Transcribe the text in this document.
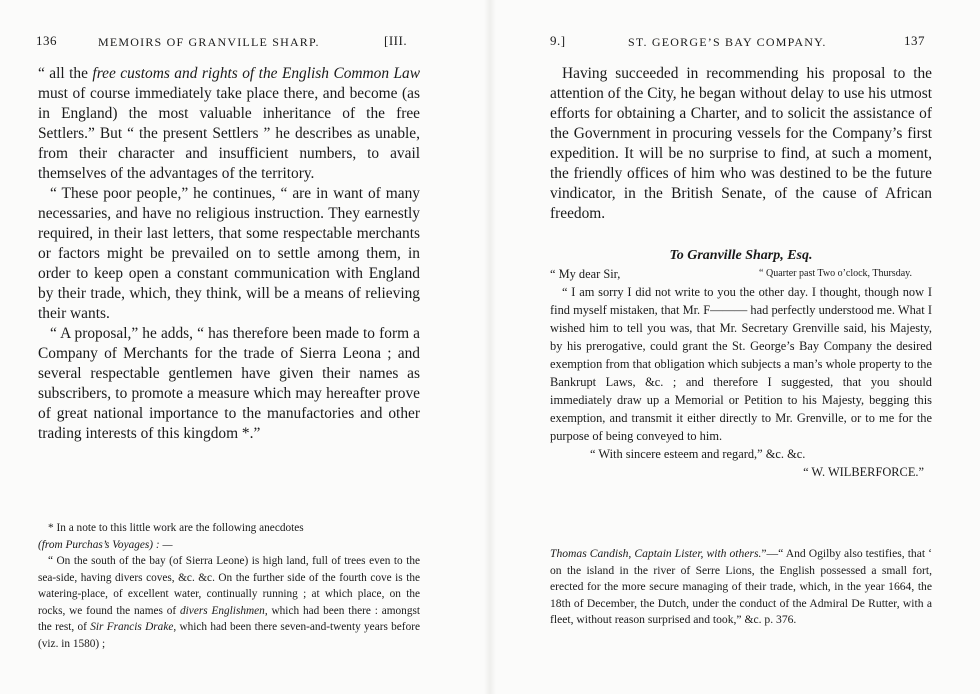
136	MEMOIRS OF GRANVILLE SHARP.	[III.

“ all the free customs and rights of the English Common Law must of course immediately take place there, and become (as in England) the most valuable inheritance of the free Settlers.” But “ the present Settlers ” he describes as unable, from their character and insufficient numbers, to avail themselves of the advantages of the territory.

“ These poor people,” he continues, “ are in want of many necessaries, and have no religious instruction. They earnestly required, in their last letters, that some respectable merchants or factors might be prevailed on to settle among them, in order to keep open a constant communication with England by their trade, which, they think, will be a means of relieving their wants.

“ A proposal,” he adds, “ has therefore been made to form a Company of Merchants for the trade of Sierra Leona ; and several respectable gentlemen have given their names as subscribers, to promote a measure which may hereafter prove of great national importance to the manufactories and other trading interests of this kingdom *.”

* In a note to this little work are the following anecdotes

(from Purchas’s Voyages) : —

“ On the south of the bay (of Sierra Leone) is high land, full of trees even to the sea-side, having divers coves, &c. &c. On the further side of the fourth cove is the watering-place, of excellent water, continually running ; at which place, on the rocks, we found the names of divers Englishmen, which had been there : amongst the rest, of Sir Francis Drake, which had been there seven-and-twenty years before (viz. in 1580) ;

9.]	ST. GEORGE’S BAY COMPANY.	137

Having succeeded in recommending his proposal to the attention of the City, he began without delay to use his utmost efforts for obtaining a Charter, and to solicit the assistance of the Government in procuring vessels for the Company’s first expedition. It will be no surprise to find, at such a moment, the friendly offices of him who was destined to be the future vindicator, in the British Senate, of the cause of African freedom.

To Granville Sharp, Esq.

“ My dear Sir,	“ Quarter past Two o’clock, Thursday.

“ I am sorry I did not write to you the other day. I thought, though now I find myself mistaken, that Mr. F——— had perfectly understood me. What I wished him to tell you was, that Mr. Secretary Grenville said, his Majesty, by his prerogative, could grant the St. George’s Bay Company the desired exemption from that obligation which subjects a man’s whole property to the Bankrupt Laws, &c. ; and therefore I suggested, that you should immediately draw up a Memorial or Petition to his Majesty, begging this exemption, and transmit it either directly to Mr. Grenville, or to me for the purpose of being conveyed to him.

“ With sincere esteem and regard,” &c. &c.

“ W. WILBERFORCE.”

Thomas Candish, Captain Lister, with others.”—“ And Ogilby also testifies, that ‘ on the island in the river of Serre Lions, the English possessed a small fort, erected for the more secure managing of their trade, which, in the year 1664, the 18th of December, the Dutch, under the conduct of the Admiral De Rutter, with a fleet, without reason surprised and took,” &c. p. 376.
